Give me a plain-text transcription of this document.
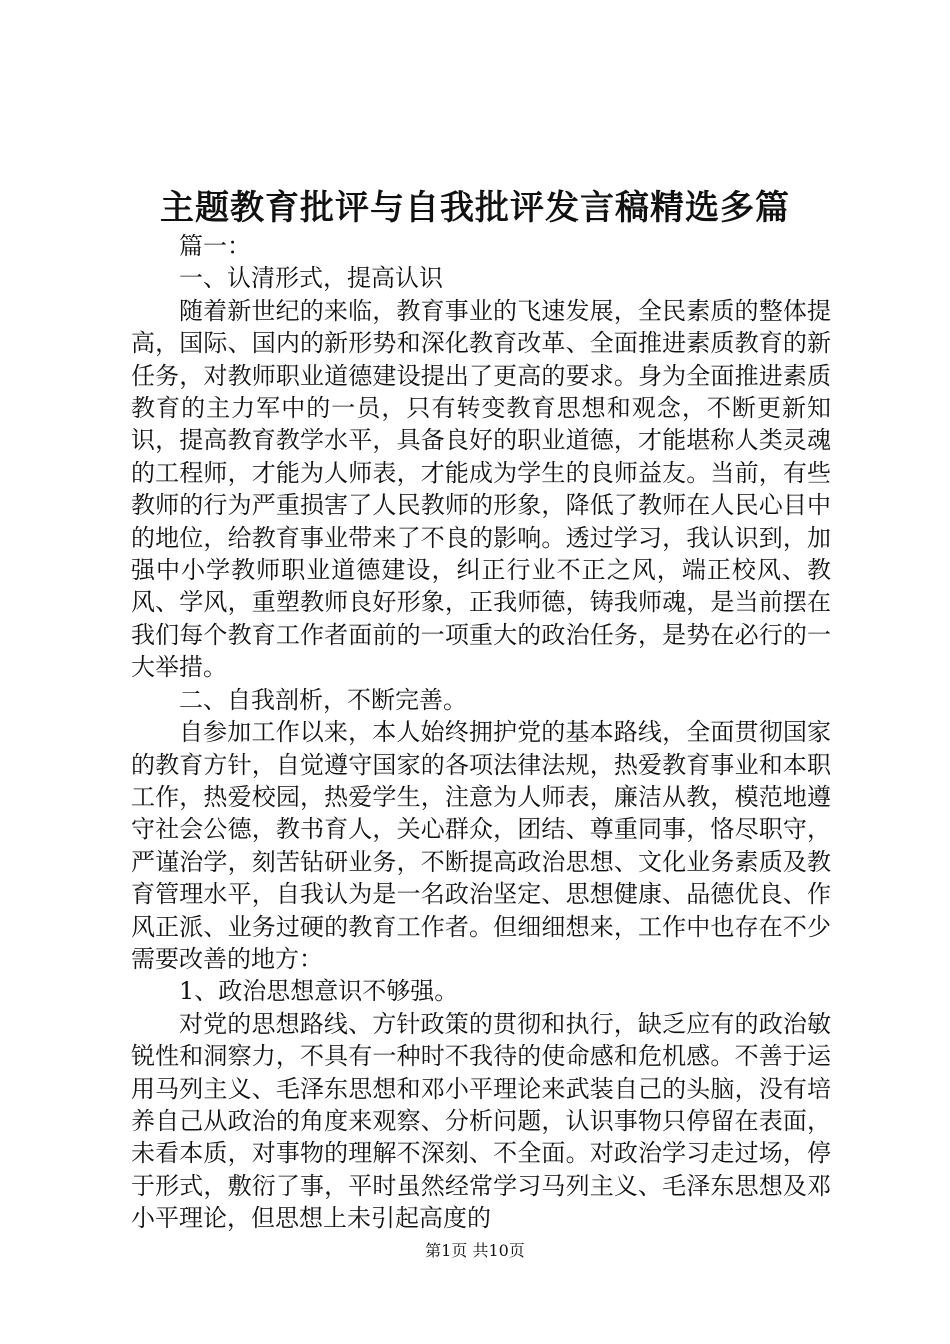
主题教育批评与自我批评发言稿精选多篇

篇一：

一、认清形式，提高认识

随着新世纪的来临，教育事业的飞速发展，全民素质的整体提高，国际、国内的新形势和深化教育改革、全面推进素质教育的新任务，对教师职业道德建设提出了更高的要求。身为全面推进素质教育的主力军中的一员，只有转变教育思想和观念，不断更新知识，提高教育教学水平，具备良好的职业道德，才能堪称人类灵魂的工程师，才能为人师表，才能成为学生的良师益友。当前，有些教师的行为严重损害了人民教师的形象，降低了教师在人民心目中的地位，给教育事业带来了不良的影响。透过学习，我认识到，加强中小学教师职业道德建设，纠正行业不正之风，端正校风、教风、学风，重塑教师良好形象，正我师德，铸我师魂，是当前摆在我们每个教育工作者面前的一项重大的政治任务，是势在必行的一大举措。

二、自我剖析，不断完善。

自参加工作以来，本人始终拥护党的基本路线，全面贯彻国家的教育方针，自觉遵守国家的各项法律法规，热爱教育事业和本职工作，热爱校园，热爱学生，注意为人师表，廉洁从教，模范地遵守社会公德，教书育人，关心群众，团结、尊重同事，恪尽职守，严谨治学，刻苦钻研业务，不断提高政治思想、文化业务素质及教育管理水平，自我认为是一名政治坚定、思想健康、品德优良、作风正派、业务过硬的教育工作者。但细细想来，工作中也存在不少需要改善的地方：

1、政治思想意识不够强。

对党的思想路线、方针政策的贯彻和执行，缺乏应有的政治敏锐性和洞察力，不具有一种时不我待的使命感和危机感。不善于运用马列主义、毛泽东思想和邓小平理论来武装自己的头脑，没有培养自己从政治的角度来观察、分析问题，认识事物只停留在表面，未看本质，对事物的理解不深刻、不全面。对政治学习走过场，停于形式，敷衍了事，平时虽然经常学习马列主义、毛泽东思想及邓小平理论，但思想上未引起高度的

第1页 共10页
